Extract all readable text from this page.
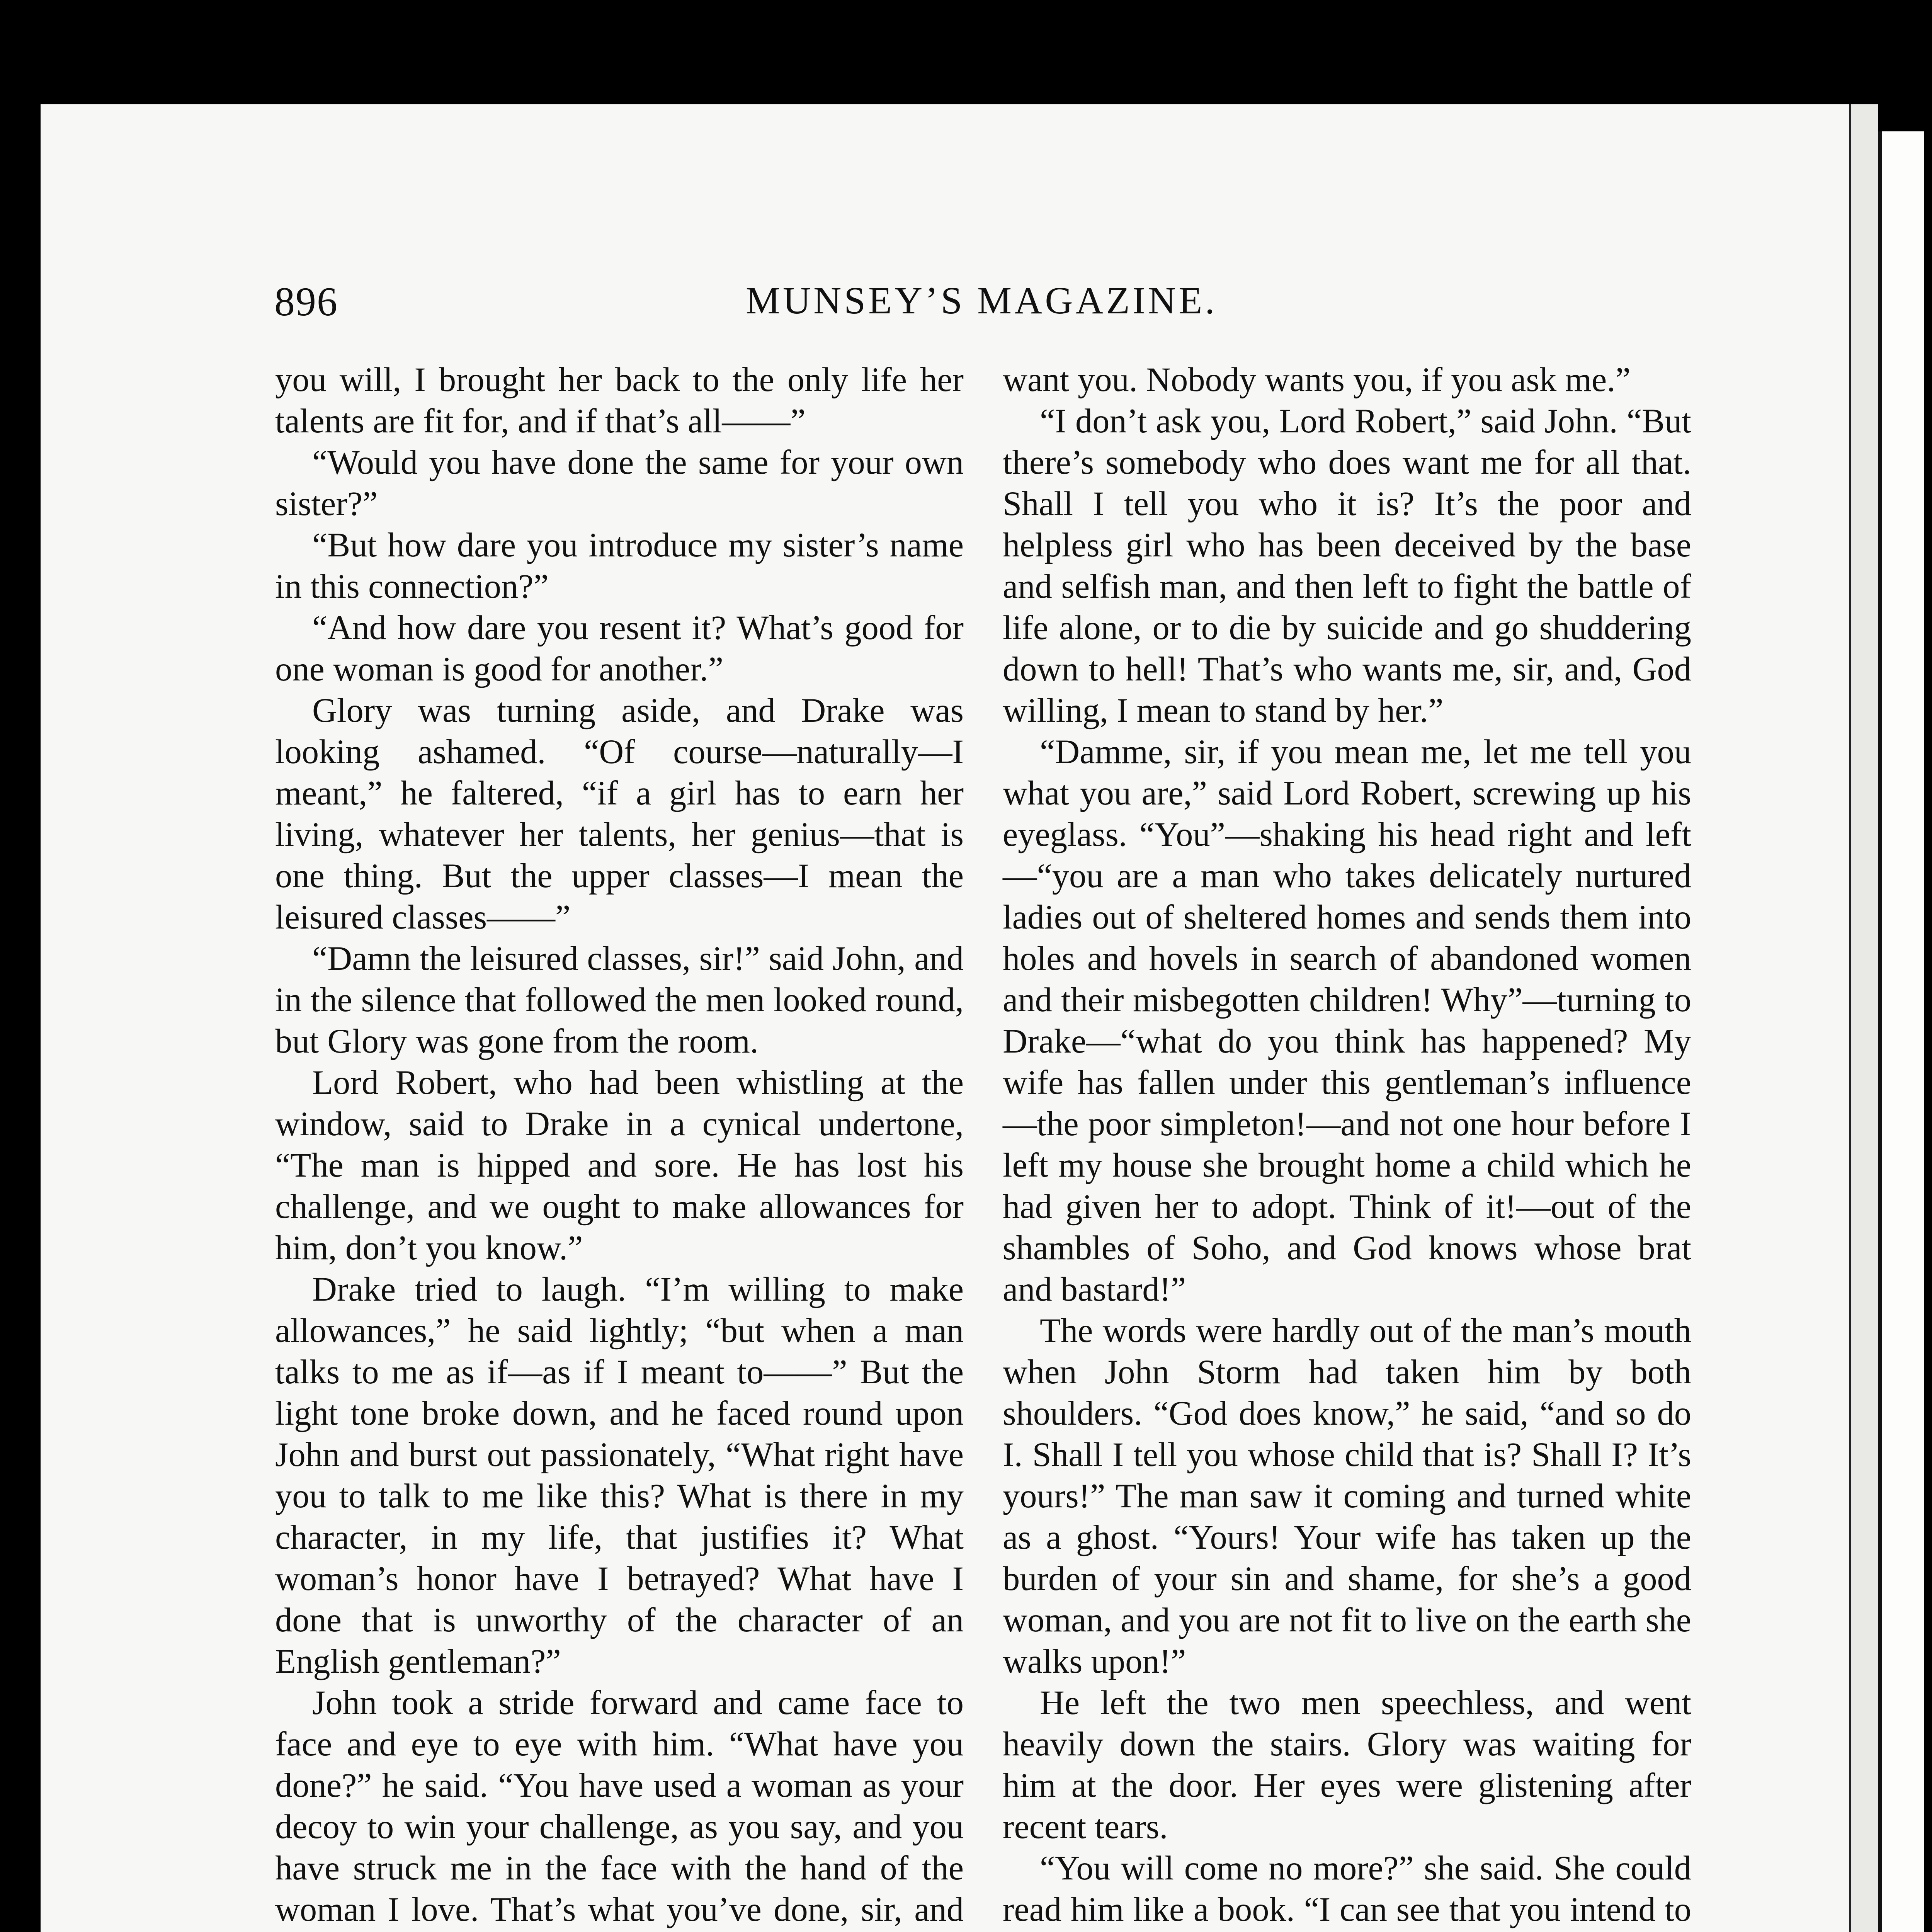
896	MUNSEY’S MAGAZINE.

you will, I brought her back to the only life her talents are fit for, and if that’s all——”

“Would you have done the same for your own sister?”

“But how dare you introduce my sister’s name in this connection?”

“And how dare you resent it? What’s good for one woman is good for another.”

Glory was turning aside, and Drake was looking ashamed. “Of course—naturally—I meant,” he faltered, “if a girl has to earn her living, whatever her talents, her genius—that is one thing. But the upper classes—I mean the leisured classes——”

“Damn the leisured classes, sir!” said John, and in the silence that followed the men looked round, but Glory was gone from the room.

Lord Robert, who had been whistling at the window, said to Drake in a cynical undertone, “The man is hipped and sore. He has lost his challenge, and we ought to make allowances for him, don’t you know.”

Drake tried to laugh. “I’m willing to make allowances,” he said lightly; “but when a man talks to me as if—as if I meant to——” But the light tone broke down, and he faced round upon John and burst out passionately, “What right have you to talk to me like this? What is there in my character, in my life, that justifies it? What woman’s honor have I betrayed? What have I done that is unworthy of the character of an English gentleman?”

John took a stride forward and came face to face and eye to eye with him. “What have you done?” he said. “You have used a woman as your decoy to win your challenge, as you say, and you have struck me in the face with the hand of the woman I love. That’s what you’ve done, sir, and

want you. Nobody wants you, if you ask me.”

“I don’t ask you, Lord Robert,” said John. “But there’s somebody who does want me for all that. Shall I tell you who it is? It’s the poor and helpless girl who has been deceived by the base and selfish man, and then left to fight the battle of life alone, or to die by suicide and go shuddering down to hell! That’s who wants me, sir, and, God willing, I mean to stand by her.”

“Damme, sir, if you mean me, let me tell you what you are,” said Lord Robert, screwing up his eyeglass. “You”—shaking his head right and left—“you are a man who takes delicately nurtured ladies out of sheltered homes and sends them into holes and hovels in search of abandoned women and their misbegotten children! Why”—turning to Drake—“what do you think has happened? My wife has fallen under this gentleman’s influence—the poor simpleton!—and not one hour before I left my house she brought home a child which he had given her to adopt. Think of it!—out of the shambles of Soho, and God knows whose brat and bastard!”

The words were hardly out of the man’s mouth when John Storm had taken him by both shoulders. “God does know,” he said, “and so do I. Shall I tell you whose child that is? Shall I? It’s yours!” The man saw it coming and turned white as a ghost. “Yours! Your wife has taken up the burden of your sin and shame, for she’s a good woman, and you are not fit to live on the earth she walks upon!”

He left the two men speechless, and went heavily down the stairs. Glory was waiting for him at the door. Her eyes were glistening after recent tears.

“You will come no more?” she said. She could read him like a book. “I can see that you intend to
